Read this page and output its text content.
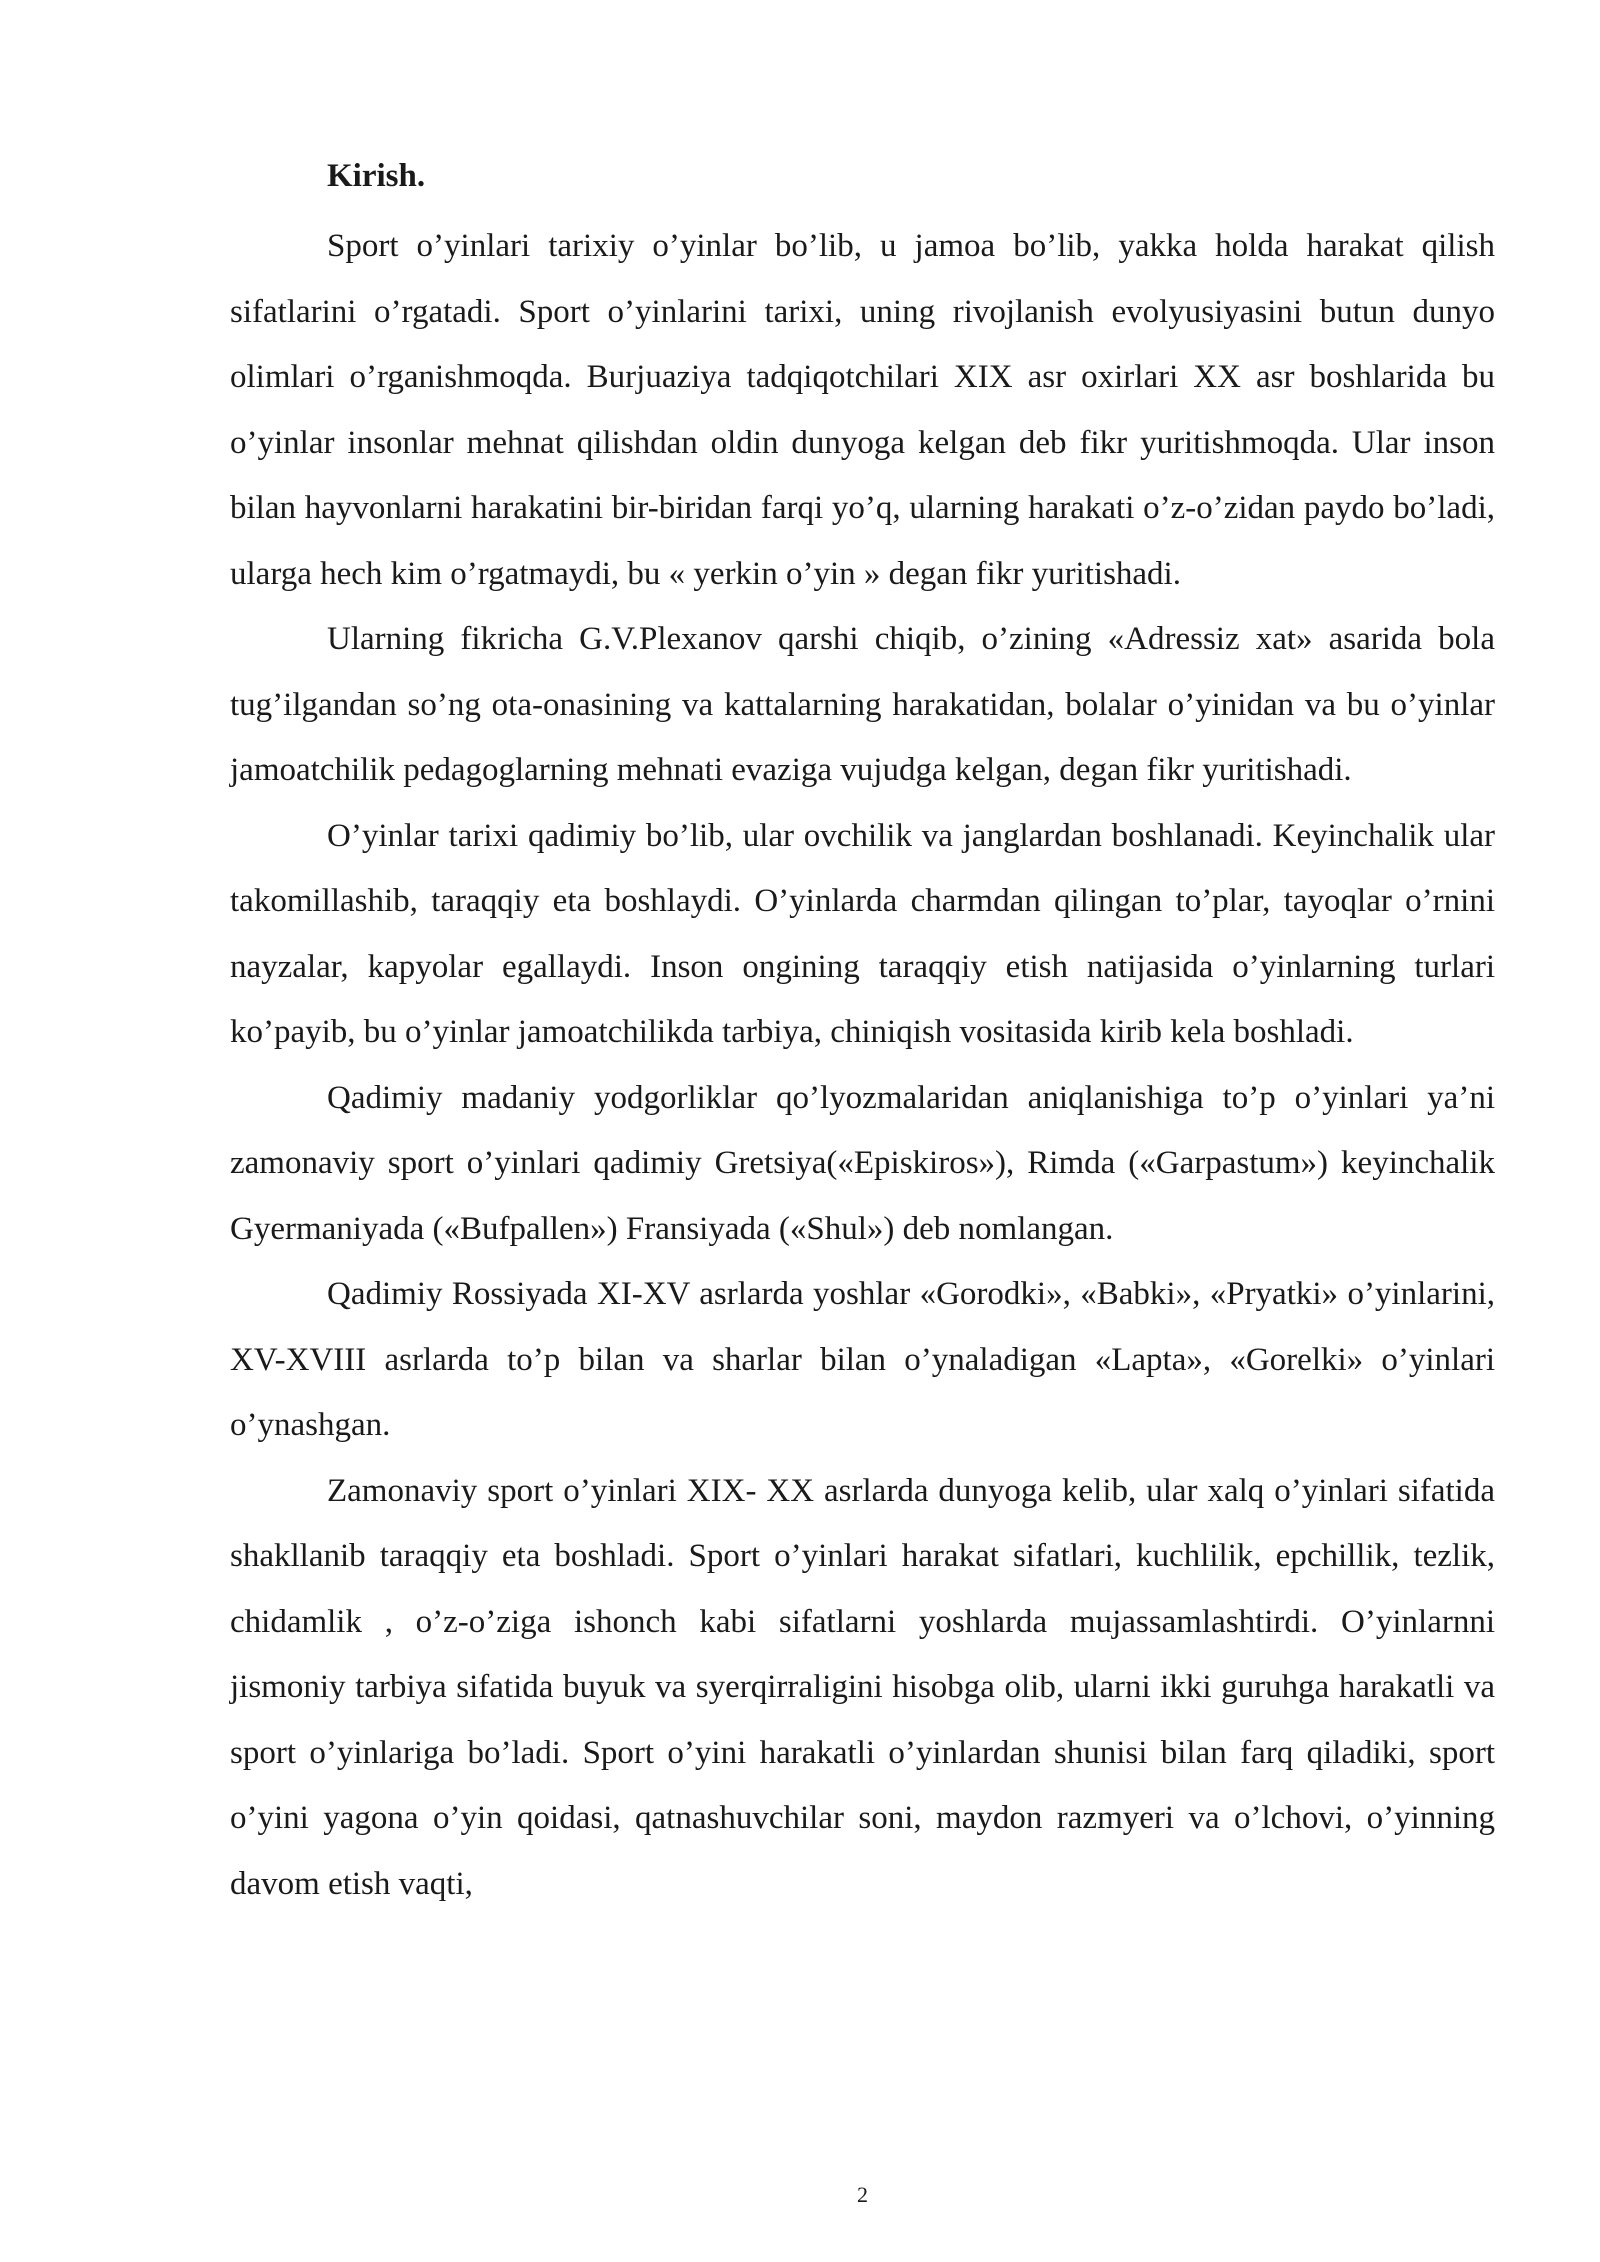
Kirish.

Sport o’yinlari tarixiy o’yinlar bo’lib, u jamoa bo’lib, yakka holda harakat qilish sifatlarini o’rgatadi. Sport o’yinlarini tarixi, uning rivojlanish evolyusiyasini butun dunyo olimlari o’rganishmoqda. Burjuaziya tadqiqotchilari XIX asr oxirlari XX asr boshlarida bu o’yinlar insonlar mehnat qilishdan oldin dunyoga kelgan deb fikr yuritishmoqda. Ular inson bilan hayvonlarni harakatini bir-biridan farqi yo’q, ularning harakati o’z-o’zidan paydo bo’ladi, ularga hech kim o’rgatmaydi, bu « yerkin o’yin » degan fikr yuritishadi.

Ularning fikricha G.V.Plexanov qarshi chiqib, o’zining «Adressiz xat» asarida bola tug’ilgandan so’ng ota-onasining va kattalarning harakatidan, bolalar o’yinidan va bu o’yinlar jamoatchilik pedagoglarning mehnati evaziga vujudga kelgan, degan fikr yuritishadi.

O’yinlar tarixi qadimiy bo’lib, ular ovchilik va janglardan boshlanadi. Keyinchalik ular takomillashib, taraqqiy eta boshlaydi. O’yinlarda charmdan qilingan to’plar, tayoqlar o’rnini nayzalar, kapyolar egallaydi. Inson ongining taraqqiy etish natijasida o’yinlarning turlari ko’payib, bu o’yinlar jamoatchilikda tarbiya, chiniqish vositasida kirib kela boshladi.

Qadimiy madaniy yodgorliklar qo’lyozmalaridan aniqlanishiga to’p o’yinlari ya’ni zamonaviy sport o’yinlari qadimiy Gretsiya(«Episkiros»), Rimda («Garpastum») keyinchalik Gyermaniyada («Bufpallen») Fransiyada («Shul») deb nomlangan.

Qadimiy Rossiyada XI-XV asrlarda yoshlar «Gorodki», «Babki», «Pryatki» o’yinlarini, XV-XVIII asrlarda to’p bilan va sharlar bilan o’ynaladigan «Lapta», «Gorelki» o’yinlari o’ynashgan.

Zamonaviy sport o’yinlari XIX- XX asrlarda dunyoga kelib, ular xalq o’yinlari sifatida shakllanib taraqqiy eta boshladi. Sport o’yinlari harakat sifatlari, kuchlilik, epchillik, tezlik, chidamlik , o’z-o’ziga ishonch kabi sifatlarni yoshlarda mujassamlashtirdi. O’yinlarnni jismoniy tarbiya sifatida buyuk va syerqirraligini hisobga olib, ularni ikki guruhga harakatli va sport o’yinlariga bo’ladi. Sport o’yini harakatli o’yinlardan shunisi bilan farq qiladiki, sport o’yini yagona o’yin qoidasi, qatnashuvchilar soni, maydon razmyeri va o’lchovi, o’yinning davom etish vaqti,

2
